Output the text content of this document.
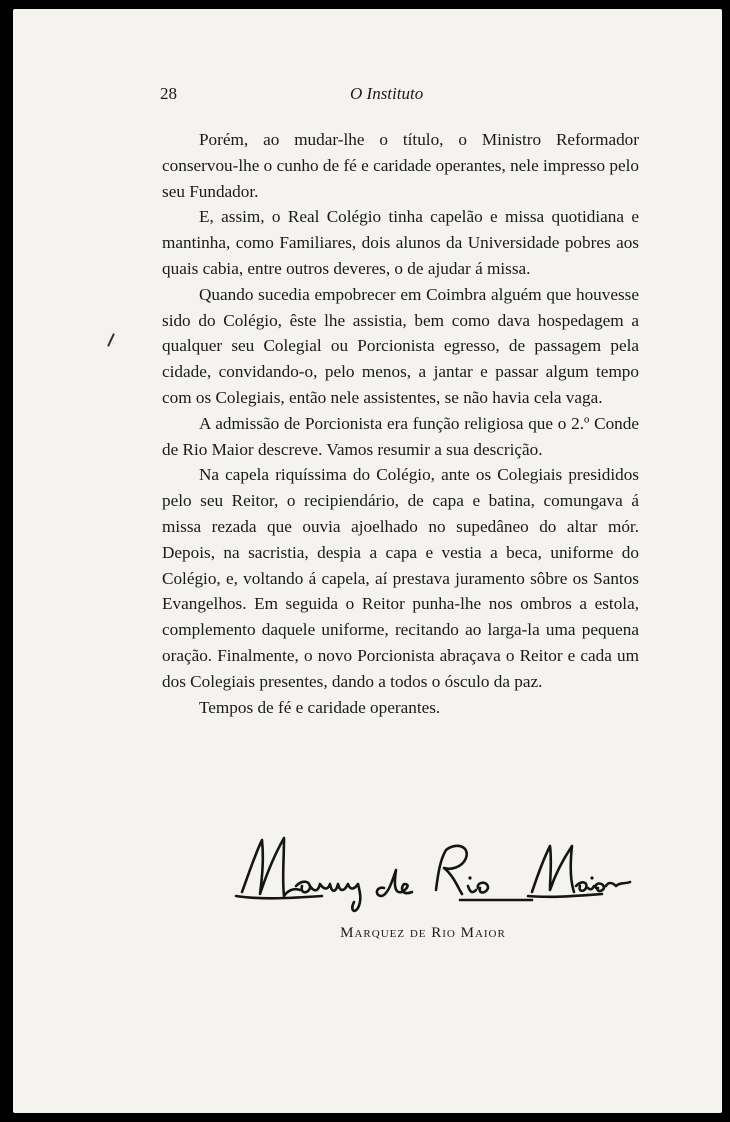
28	O Instituto

Porém, ao mudar-lhe o título, o Ministro Reformador conservou-lhe o cunho de fé e caridade operantes, nele impresso pelo seu Fundador.

E, assim, o Real Colégio tinha capelão e missa quotidiana e mantinha, como Familiares, dois alunos da Universidade pobres aos quais cabia, entre outros deveres, o de ajudar á missa.

Quando sucedia empobrecer em Coimbra alguém que houvesse sido do Colégio, êste lhe assistia, bem como dava hospedagem a qualquer seu Colegial ou Porcionista egresso, de passagem pela cidade, convidando-o, pelo menos, a jantar e passar algum tempo com os Colegiais, então nele assistentes, se não havia cela vaga.

A admissão de Porcionista era função religiosa que o 2.º Conde de Rio Maior descreve. Vamos resumir a sua descrição.

Na capela riquíssima do Colégio, ante os Colegiais presididos pelo seu Reitor, o recipiendário, de capa e batina, comungava á missa rezada que ouvia ajoelhado no supedâneo do altar mór. Depois, na sacristia, despia a capa e vestia a beca, uniforme do Colégio, e, voltando á capela, aí prestava juramento sôbre os Santos Evangelhos. Em seguida o Reitor punha-lhe nos ombros a estola, complemento daquele uniforme, recitando ao larga-la uma pequena oração. Finalmente, o novo Porcionista abraçava o Reitor e cada um dos Colegiais presentes, dando a todos o ósculo da paz.

Tempos de fé e caridade operantes.

Marquez de Rio Maior
